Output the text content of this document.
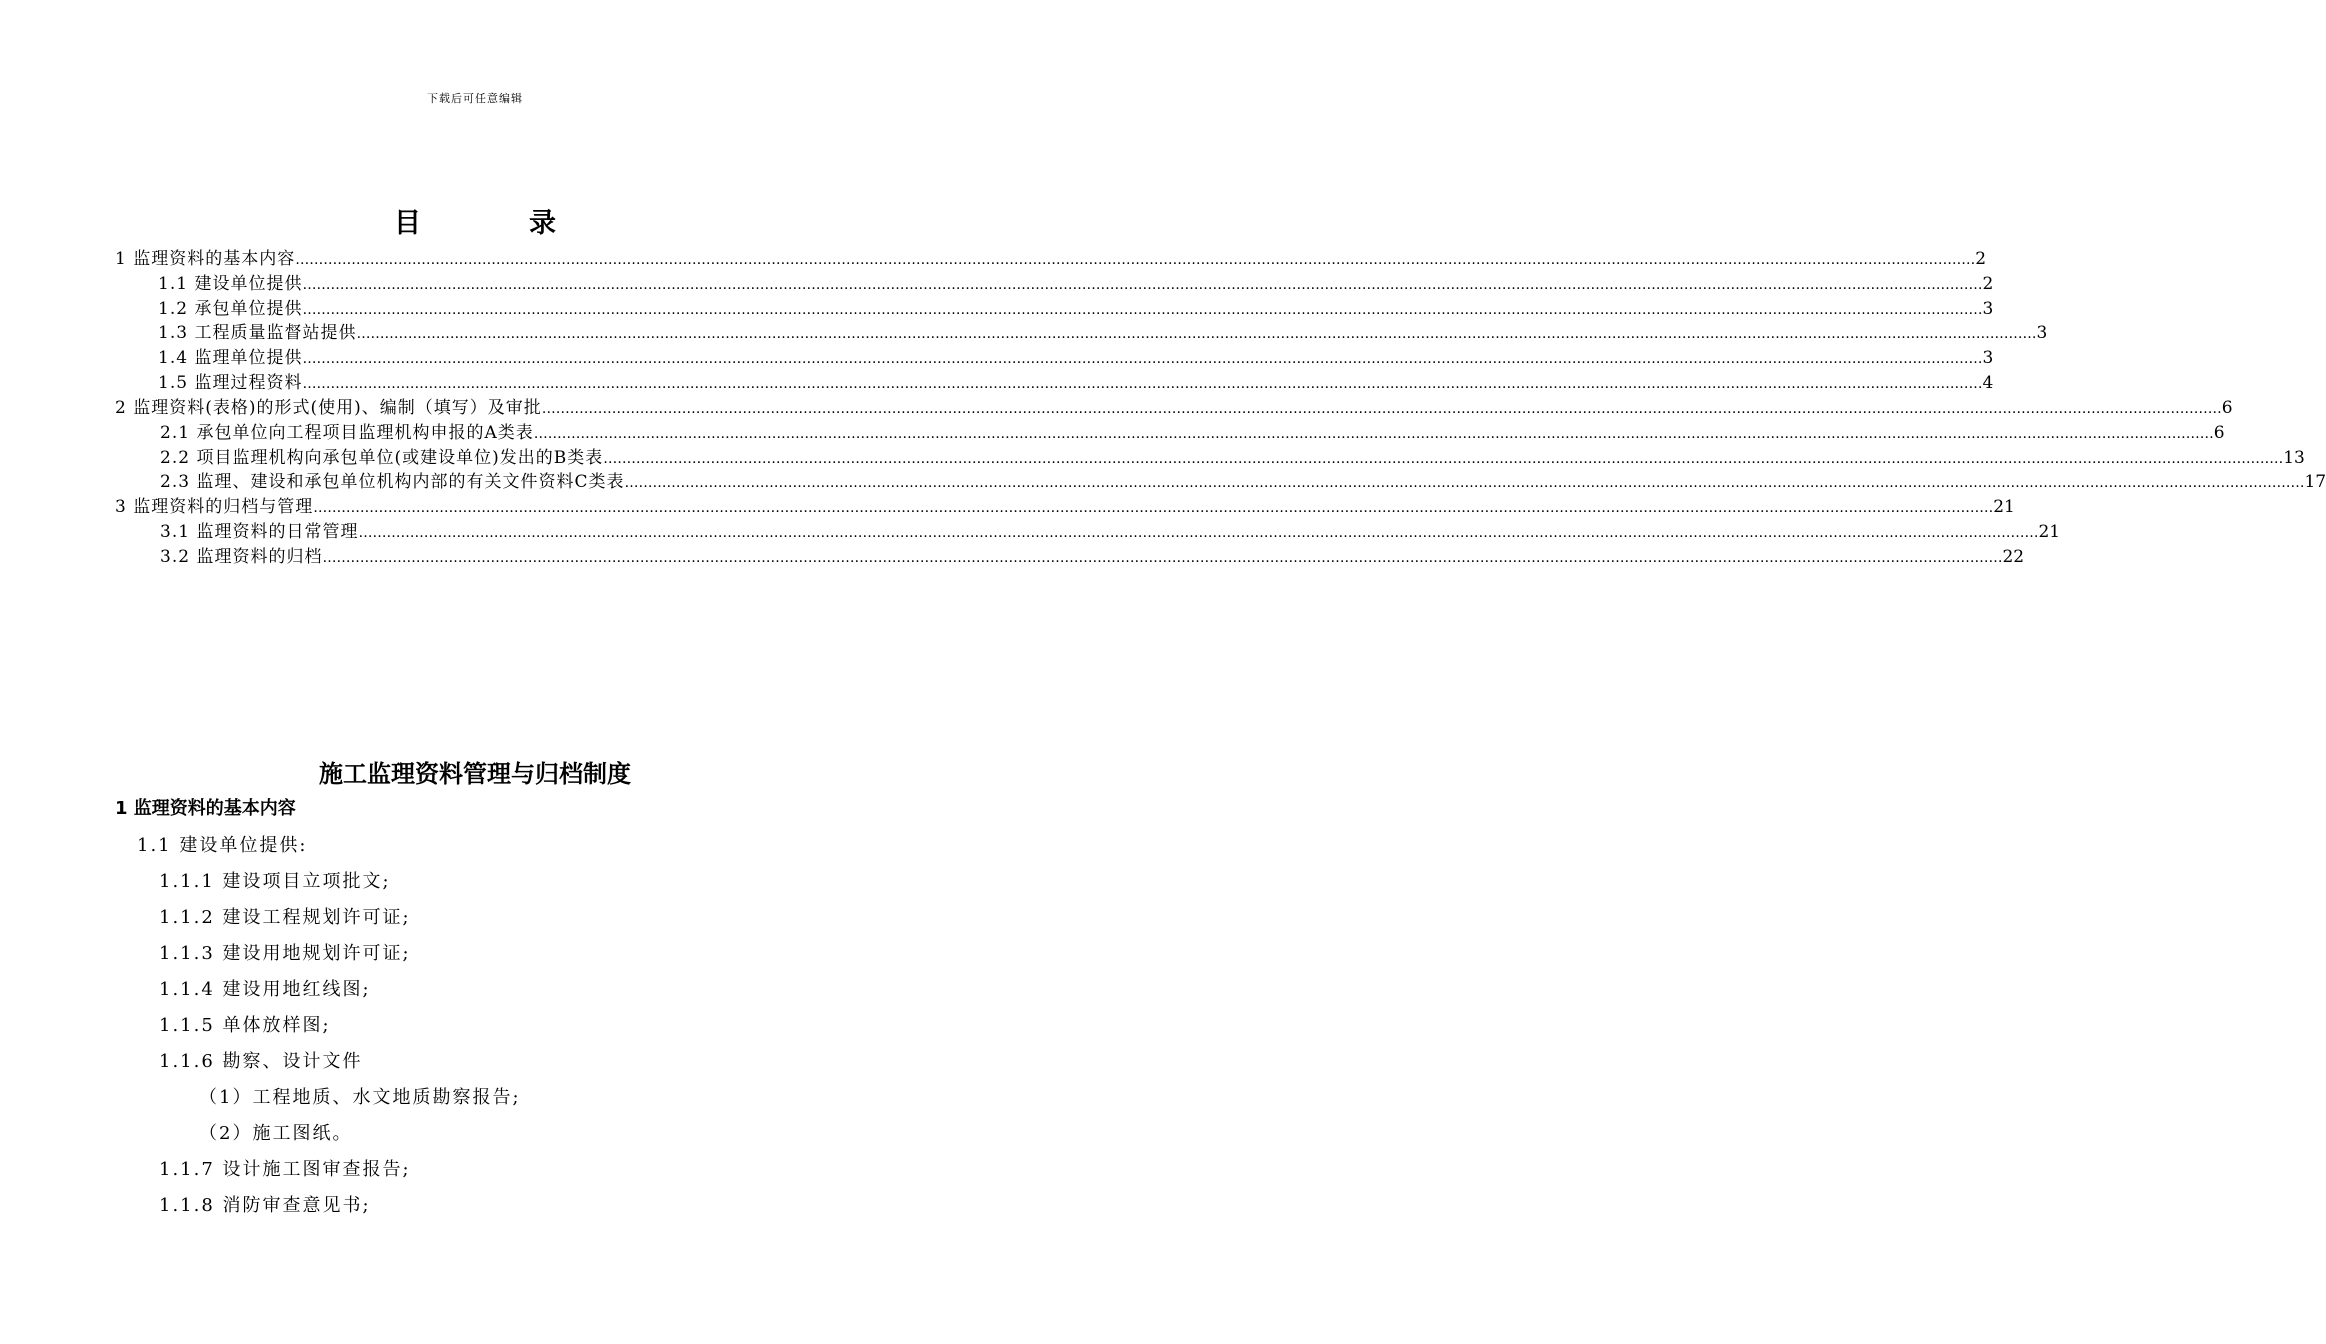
下载后可任意编辑
目	录
1 监理资料的基本内容 ……………………………………………………………………………………………………………………………………………………………………………………………………………………………………………………………………………………………………………………………… 2
1.1 建设单位提供 ……………………………………………………………………………………………………………………………………………………………………………………………………………………………………………………………………………………………………………………………… 2
1.2 承包单位提供 ……………………………………………………………………………………………………………………………………………………………………………………………………………………………………………………………………………………………………………………………… 3
1.3 工程质量监督站提供 ……………………………………………………………………………………………………………………………………………………………………………………………………………………………………………………………………………………………………………………………… 3
1.4 监理单位提供 ……………………………………………………………………………………………………………………………………………………………………………………………………………………………………………………………………………………………………………………………… 3
1.5 监理过程资料 ……………………………………………………………………………………………………………………………………………………………………………………………………………………………………………………………………………………………………………………………… 4
2 监理资料(表格)的形式(使用)、编制（填写）及审批 ……………………………………………………………………………………………………………………………………………………………………………………………………………………………………………………………………………………………………………………………… 6
2.1 承包单位向工程项目监理机构申报的A类表 ……………………………………………………………………………………………………………………………………………………………………………………………………………………………………………………………………………………………………………………………… 6
2.2 项目监理机构向承包单位(或建设单位)发出的B类表 ……………………………………………………………………………………………………………………………………………………………………………………………………………………………………………………………………………………………………………………………… 13
2.3 监理、建设和承包单位机构内部的有关文件资料C类表 ……………………………………………………………………………………………………………………………………………………………………………………………………………………………………………………………………………………………………………………………… 17
3 监理资料的归档与管理 ……………………………………………………………………………………………………………………………………………………………………………………………………………………………………………………………………………………………………………………………… 21
3.1 监理资料的日常管理 ……………………………………………………………………………………………………………………………………………………………………………………………………………………………………………………………………………………………………………………………… 21
3.2 监理资料的归档 ……………………………………………………………………………………………………………………………………………………………………………………………………………………………………………………………………………………………………………………………… 22
施工监理资料管理与归档制度
1 监理资料的基本内容
1.1 建设单位提供:
1.1.1 建设项目立项批文;
1.1.2 建设工程规划许可证;
1.1.3 建设用地规划许可证;
1.1.4 建设用地红线图;
1.1.5 单体放样图;
1.1.6 勘察、设计文件
（1）工程地质、水文地质勘察报告;
（2）施工图纸。
1.1.7 设计施工图审查报告;
1.1.8 消防审查意见书;
